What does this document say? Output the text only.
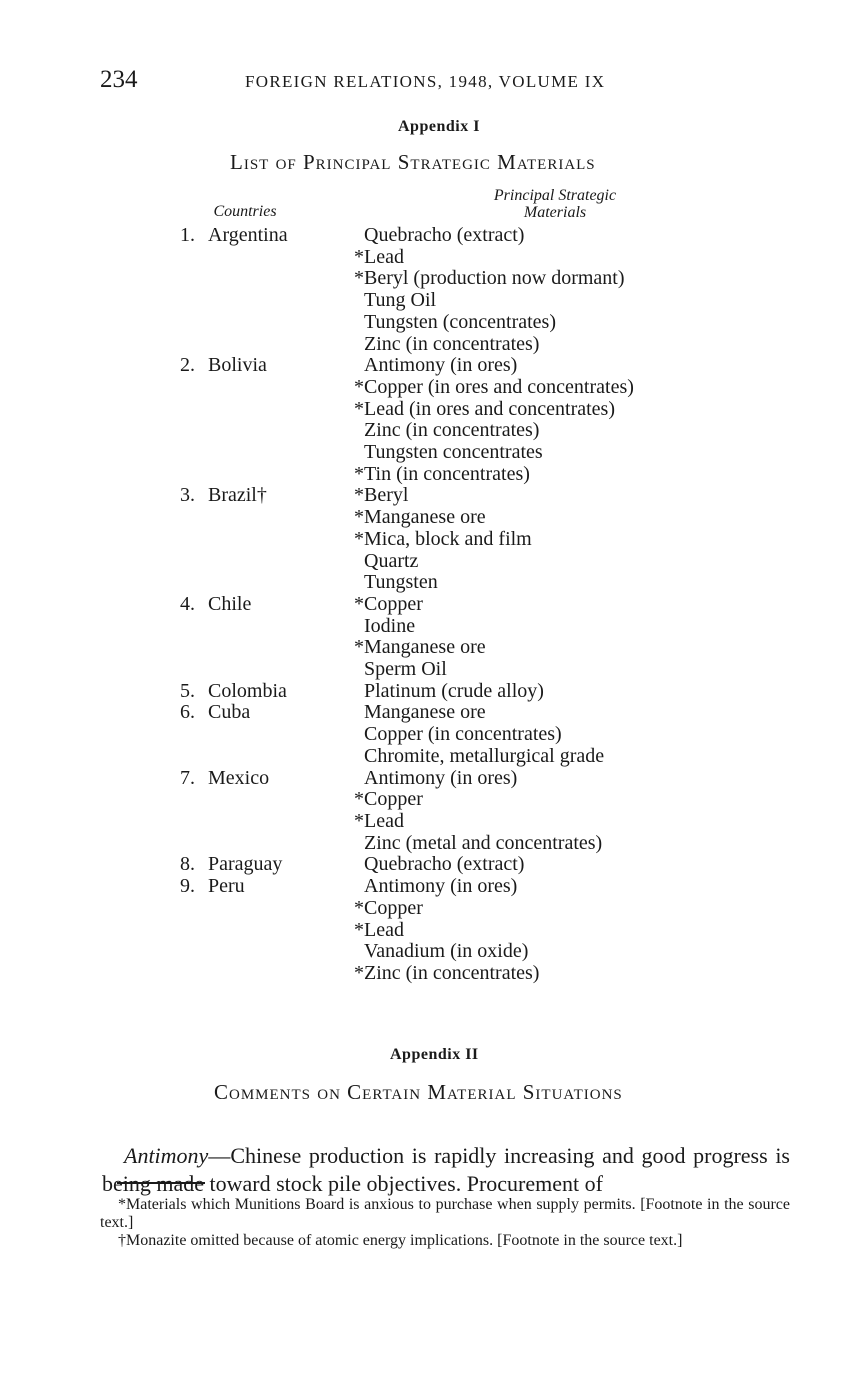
234	FOREIGN RELATIONS, 1948, VOLUME IX
Appendix I
List of Principal Strategic Materials
Countries
Principal Strategic Materials
1. Argentina	Quebracho (extract)
*Lead
*Beryl (production now dormant)
Tung Oil
Tungsten (concentrates)
Zinc (in concentrates)
2. Bolivia	Antimony (in ores)
*Copper (in ores and concentrates)
*Lead (in ores and concentrates)
Zinc (in concentrates)
Tungsten concentrates
*Tin (in concentrates)
3. Brazil†	*Beryl
*Manganese ore
*Mica, block and film
Quartz
Tungsten
4. Chile	*Copper
Iodine
*Manganese ore
Sperm Oil
5. Colombia	Platinum (crude alloy)
6. Cuba	Manganese ore
Copper (in concentrates)
Chromite, metallurgical grade
7. Mexico	Antimony (in ores)
*Copper
*Lead
Zinc (metal and concentrates)
8. Paraguay	Quebracho (extract)
9. Peru	Antimony (in ores)
*Copper
*Lead
Vanadium (in oxide)
*Zinc (in concentrates)
Appendix II
Comments on Certain Material Situations

Antimony—Chinese production is rapidly increasing and good progress is being made toward stock pile objectives. Procurement of

*Materials which Munitions Board is anxious to purchase when supply permits. [Footnote in the source text.]

†Monazite omitted because of atomic energy implications. [Footnote in the source text.]
